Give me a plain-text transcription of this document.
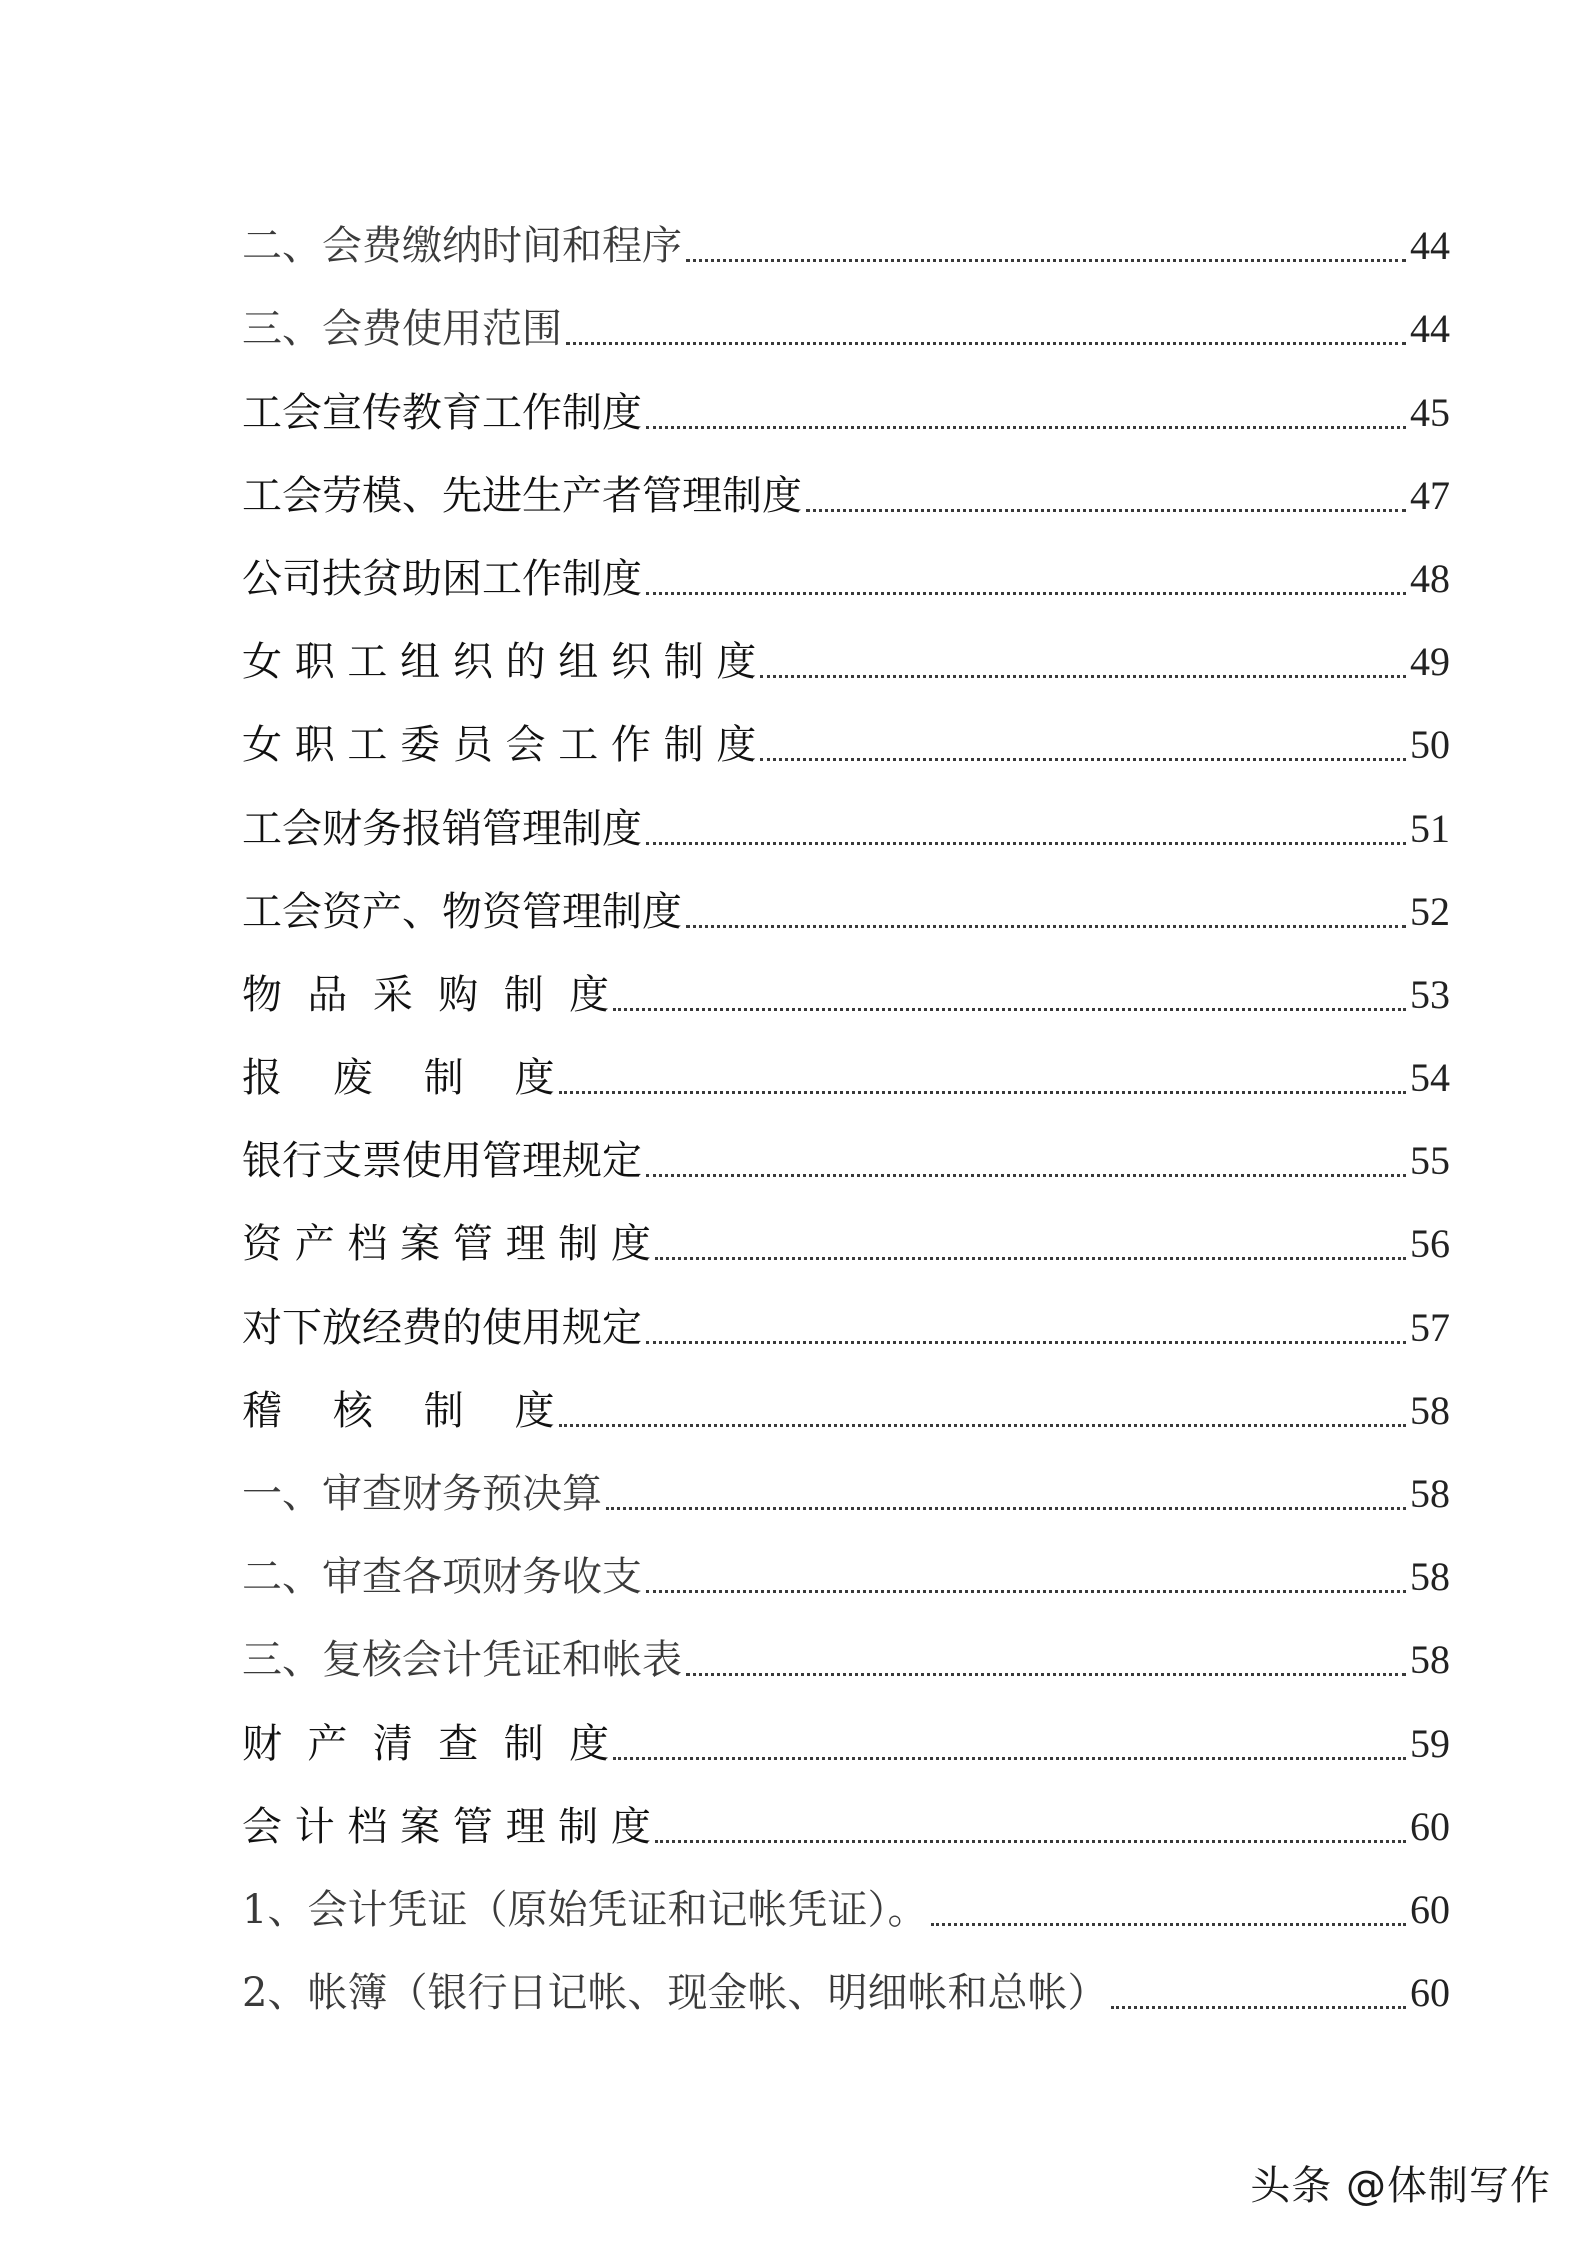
二、会费缴纳时间和程序	44
三、会费使用范围	44
工会宣传教育工作制度	45
工会劳模、先进生产者管理制度	47
公司扶贫助困工作制度	48
女 职 工 组 织 的 组 织 制 度	49
女 职 工 委 员 会 工 作 制 度	50
工会财务报销管理制度	51
工会资产、物资管理制度	52
物  品  采  购  制  度	53
报    废    制    度	54
银行支票使用管理规定	55
资 产 档 案 管 理 制 度	56
对下放经费的使用规定	57
稽    核    制    度	58
一、审查财务预决算	58
二、审查各项财务收支	58
三、复核会计凭证和帐表	58
财  产  清  查  制  度	59
会 计 档 案 管 理 制 度	60
1、会计凭证（原始凭证和记帐凭证）。	60
2、帐簿（银行日记帐、现金帐、明细帐和总帐）	60
头条 @体制写作
